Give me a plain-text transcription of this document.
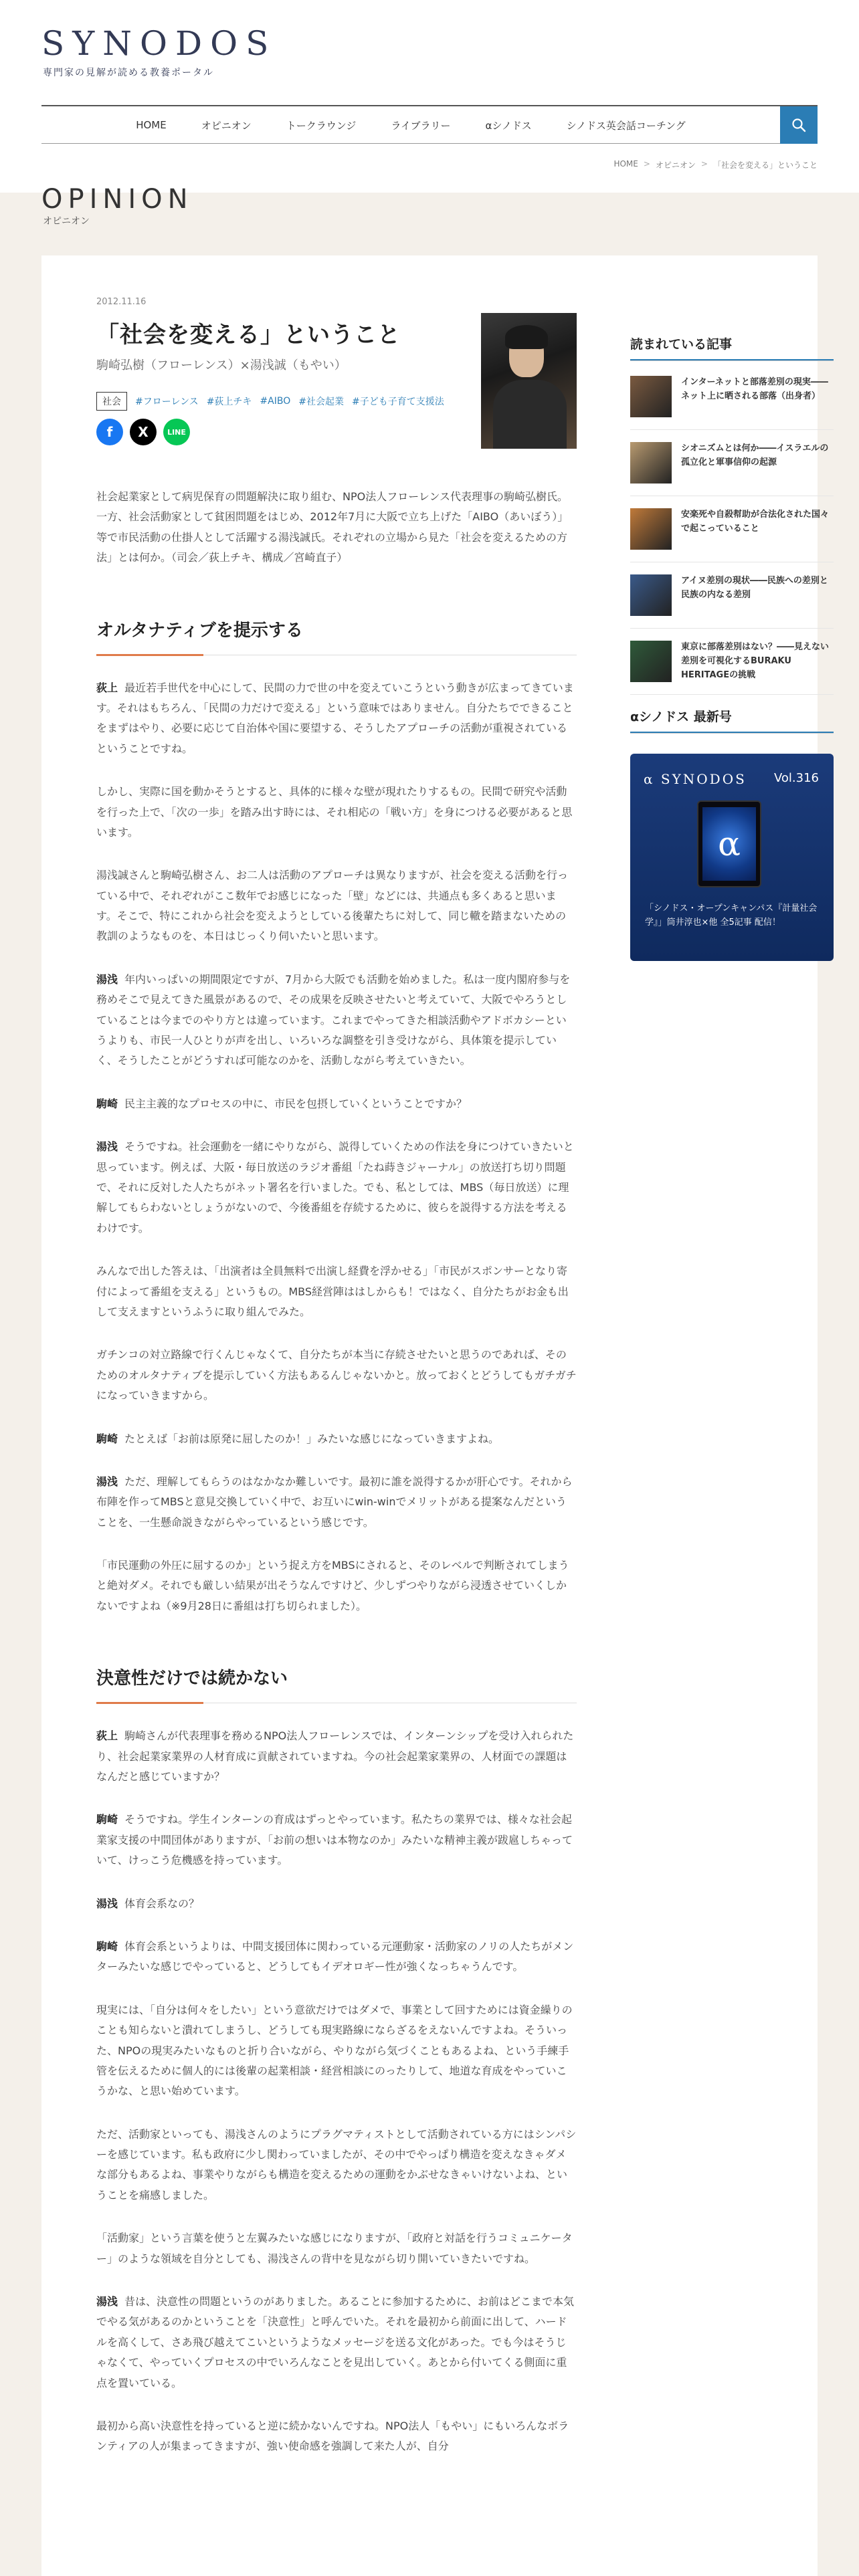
SYNODOS
専門家の見解が読める教養ポータル
HOME	オピニオン	トークラウンジ	ライブラリー	αシノドス	シノドス英会話コーチング
HOME > オピニオン > 「社会を変える」ということ
OPINION
オピニオン
2012.11.16
「社会を変える」ということ
駒崎弘樹（フローレンス）×湯浅誠（もやい）
社会	#フローレンス #荻上チキ #AIBO #社会起業 #子ども子育て支援法
f	X	LINE

社会起業家として病児保育の問題解決に取り組む、NPO法人フローレンス代表理事の駒崎弘樹氏。一方、社会活動家として貧困問題をはじめ、2012年7月に大阪で立ち上げた「AIBO（あいぼう）」等で市民活動の仕掛人として活躍する湯浅誠氏。それぞれの立場から見た「社会を変えるための方法」とは何か。（司会／荻上チキ、構成／宮崎直子）

オルタナティブを提示する

荻上 最近若手世代を中心にして、民間の力で世の中を変えていこうという動きが広まってきています。それはもちろん、「民間の力だけで変える」という意味ではありません。自分たちでできることをまずはやり、必要に応じて自治体や国に要望する、そうしたアプローチの活動が重視されているということですね。

しかし、実際に国を動かそうとすると、具体的に様々な壁が現れたりするもの。民間で研究や活動を行った上で、「次の一歩」を踏み出す時には、それ相応の「戦い方」を身につける必要があると思います。

湯浅誠さんと駒崎弘樹さん、お二人は活動のアプローチは異なりますが、社会を変える活動を行っている中で、それぞれがここ数年でお感じになった「壁」などには、共通点も多くあると思います。そこで、特にこれから社会を変えようとしている後輩たちに対して、同じ轍を踏まないための教訓のようなものを、本日はじっくり伺いたいと思います。

湯浅 年内いっぱいの期間限定ですが、7月から大阪でも活動を始めました。私は一度内閣府参与を務めそこで見えてきた風景があるので、その成果を反映させたいと考えていて、大阪でやろうとしていることは今までのやり方とは違っています。これまでやってきた相談活動やアドボカシーというよりも、市民一人ひとりが声を出し、いろいろな調整を引き受けながら、具体策を提示していく、そうしたことがどうすれば可能なのかを、活動しながら考えていきたい。

駒崎 民主主義的なプロセスの中に、市民を包摂していくということですか？

湯浅 そうですね。社会運動を一緒にやりながら、説得していくための作法を身につけていきたいと思っています。例えば、大阪・毎日放送のラジオ番組「たね蒔きジャーナル」の放送打ち切り問題で、それに反対した人たちがネット署名を行いました。でも、私としては、MBS（毎日放送）に理解してもらわないとしょうがないので、今後番組を存続するために、彼らを説得する方法を考えるわけです。

みんなで出した答えは、「出演者は全員無料で出演し経費を浮かせる」「市民がスポンサーとなり寄付によって番組を支える」というもの。MBS経営陣ははしからも！ではなく、自分たちがお金も出して支えますというふうに取り組んでみた。

ガチンコの対立路線で行くんじゃなくて、自分たちが本当に存続させたいと思うのであれば、そのためのオルタナティブを提示していく方法もあるんじゃないかと。放っておくとどうしてもガチガチになっていきますから。

駒崎 たとえば「お前は原発に屈したのか！」みたいな感じになっていきますよね。

湯浅 ただ、理解してもらうのはなかなか難しいです。最初に誰を説得するかが肝心です。それから布陣を作ってMBSと意見交換していく中で、お互いにwin-winでメリットがある提案なんだということを、一生懸命説きながらやっているという感じです。

「市民運動の外圧に屈するのか」という捉え方をMBSにされると、そのレベルで判断されてしまうと絶対ダメ。それでも厳しい結果が出そうなんですけど、少しずつやりながら浸透させていくしかないですよね（※9月28日に番組は打ち切られました）。

決意性だけでは続かない

荻上 駒崎さんが代表理事を務めるNPO法人フローレンスでは、インターンシップを受け入れられたり、社会起業家業界の人材育成に貢献されていますね。今の社会起業家業界の、人材面での課題はなんだと感じていますか？

駒崎 そうですね。学生インターンの育成はずっとやっています。私たちの業界では、様々な社会起業家支援の中間団体がありますが、「お前の想いは本物なのか」みたいな精神主義が跋扈しちゃっていて、けっこう危機感を持っています。

湯浅 体育会系なの？

駒崎 体育会系というよりは、中間支援団体に関わっている元運動家・活動家のノリの人たちがメンターみたいな感じでやっていると、どうしてもイデオロギー性が強くなっちゃうんです。

現実には、「自分は何々をしたい」という意欲だけではダメで、事業として回すためには資金繰りのことも知らないと潰れてしまうし、どうしても現実路線にならざるをえないんですよね。そういった、NPOの現実みたいなものと折り合いながら、やりながら気づくこともあるよね、という手練手管を伝えるために個人的には後輩の起業相談・経営相談にのったりして、地道な育成をやっていこうかな、と思い始めています。

ただ、活動家といっても、湯浅さんのようにプラグマティストとして活動されている方にはシンパシーを感じています。私も政府に少し関わっていましたが、その中でやっぱり構造を変えなきゃダメな部分もあるよね、事業やりながらも構造を変えるための運動をかぶせなきゃいけないよね、ということを痛感しました。

「活動家」という言葉を使うと左翼みたいな感じになりますが、「政府と対話を行うコミュニケーター」のような領域を自分としても、湯浅さんの背中を見ながら切り開いていきたいですね。

湯浅 昔は、決意性の問題というのがありました。あることに参加するために、お前はどこまで本気でやる気があるのかということを「決意性」と呼んでいた。それを最初から前面に出して、ハードルを高くして、さあ飛び越えてこいというようなメッセージを送る文化があった。でも今はそうじゃなくて、やっていくプロセスの中でいろんなことを見出していく。あとから付いてくる側面に重点を置いている。

最初から高い決意性を持っていると逆に続かないんですね。NPO法人「もやい」にもいろんなボランティアの人が集まってきますが、強い使命感を強調して来た人が、自分

読まれている記事
インターネットと部落差別の現実――ネット上に晒される部落（出身者）
シオニズムとは何か――イスラエルの孤立化と軍事信仰の起源
安楽死や自殺幇助が合法化された国々で起こっていること
アイヌ差別の現状――民族への差別と民族の内なる差別
東京に部落差別はない？――見えない差別を可視化するBURAKU HERITAGEの挑戦
αシノドス 最新号
α SYNODOS Vol.316
α
「シノドス・オープンキャンパス『計量社会学』」筒井淳也×他 全5記事 配信！
